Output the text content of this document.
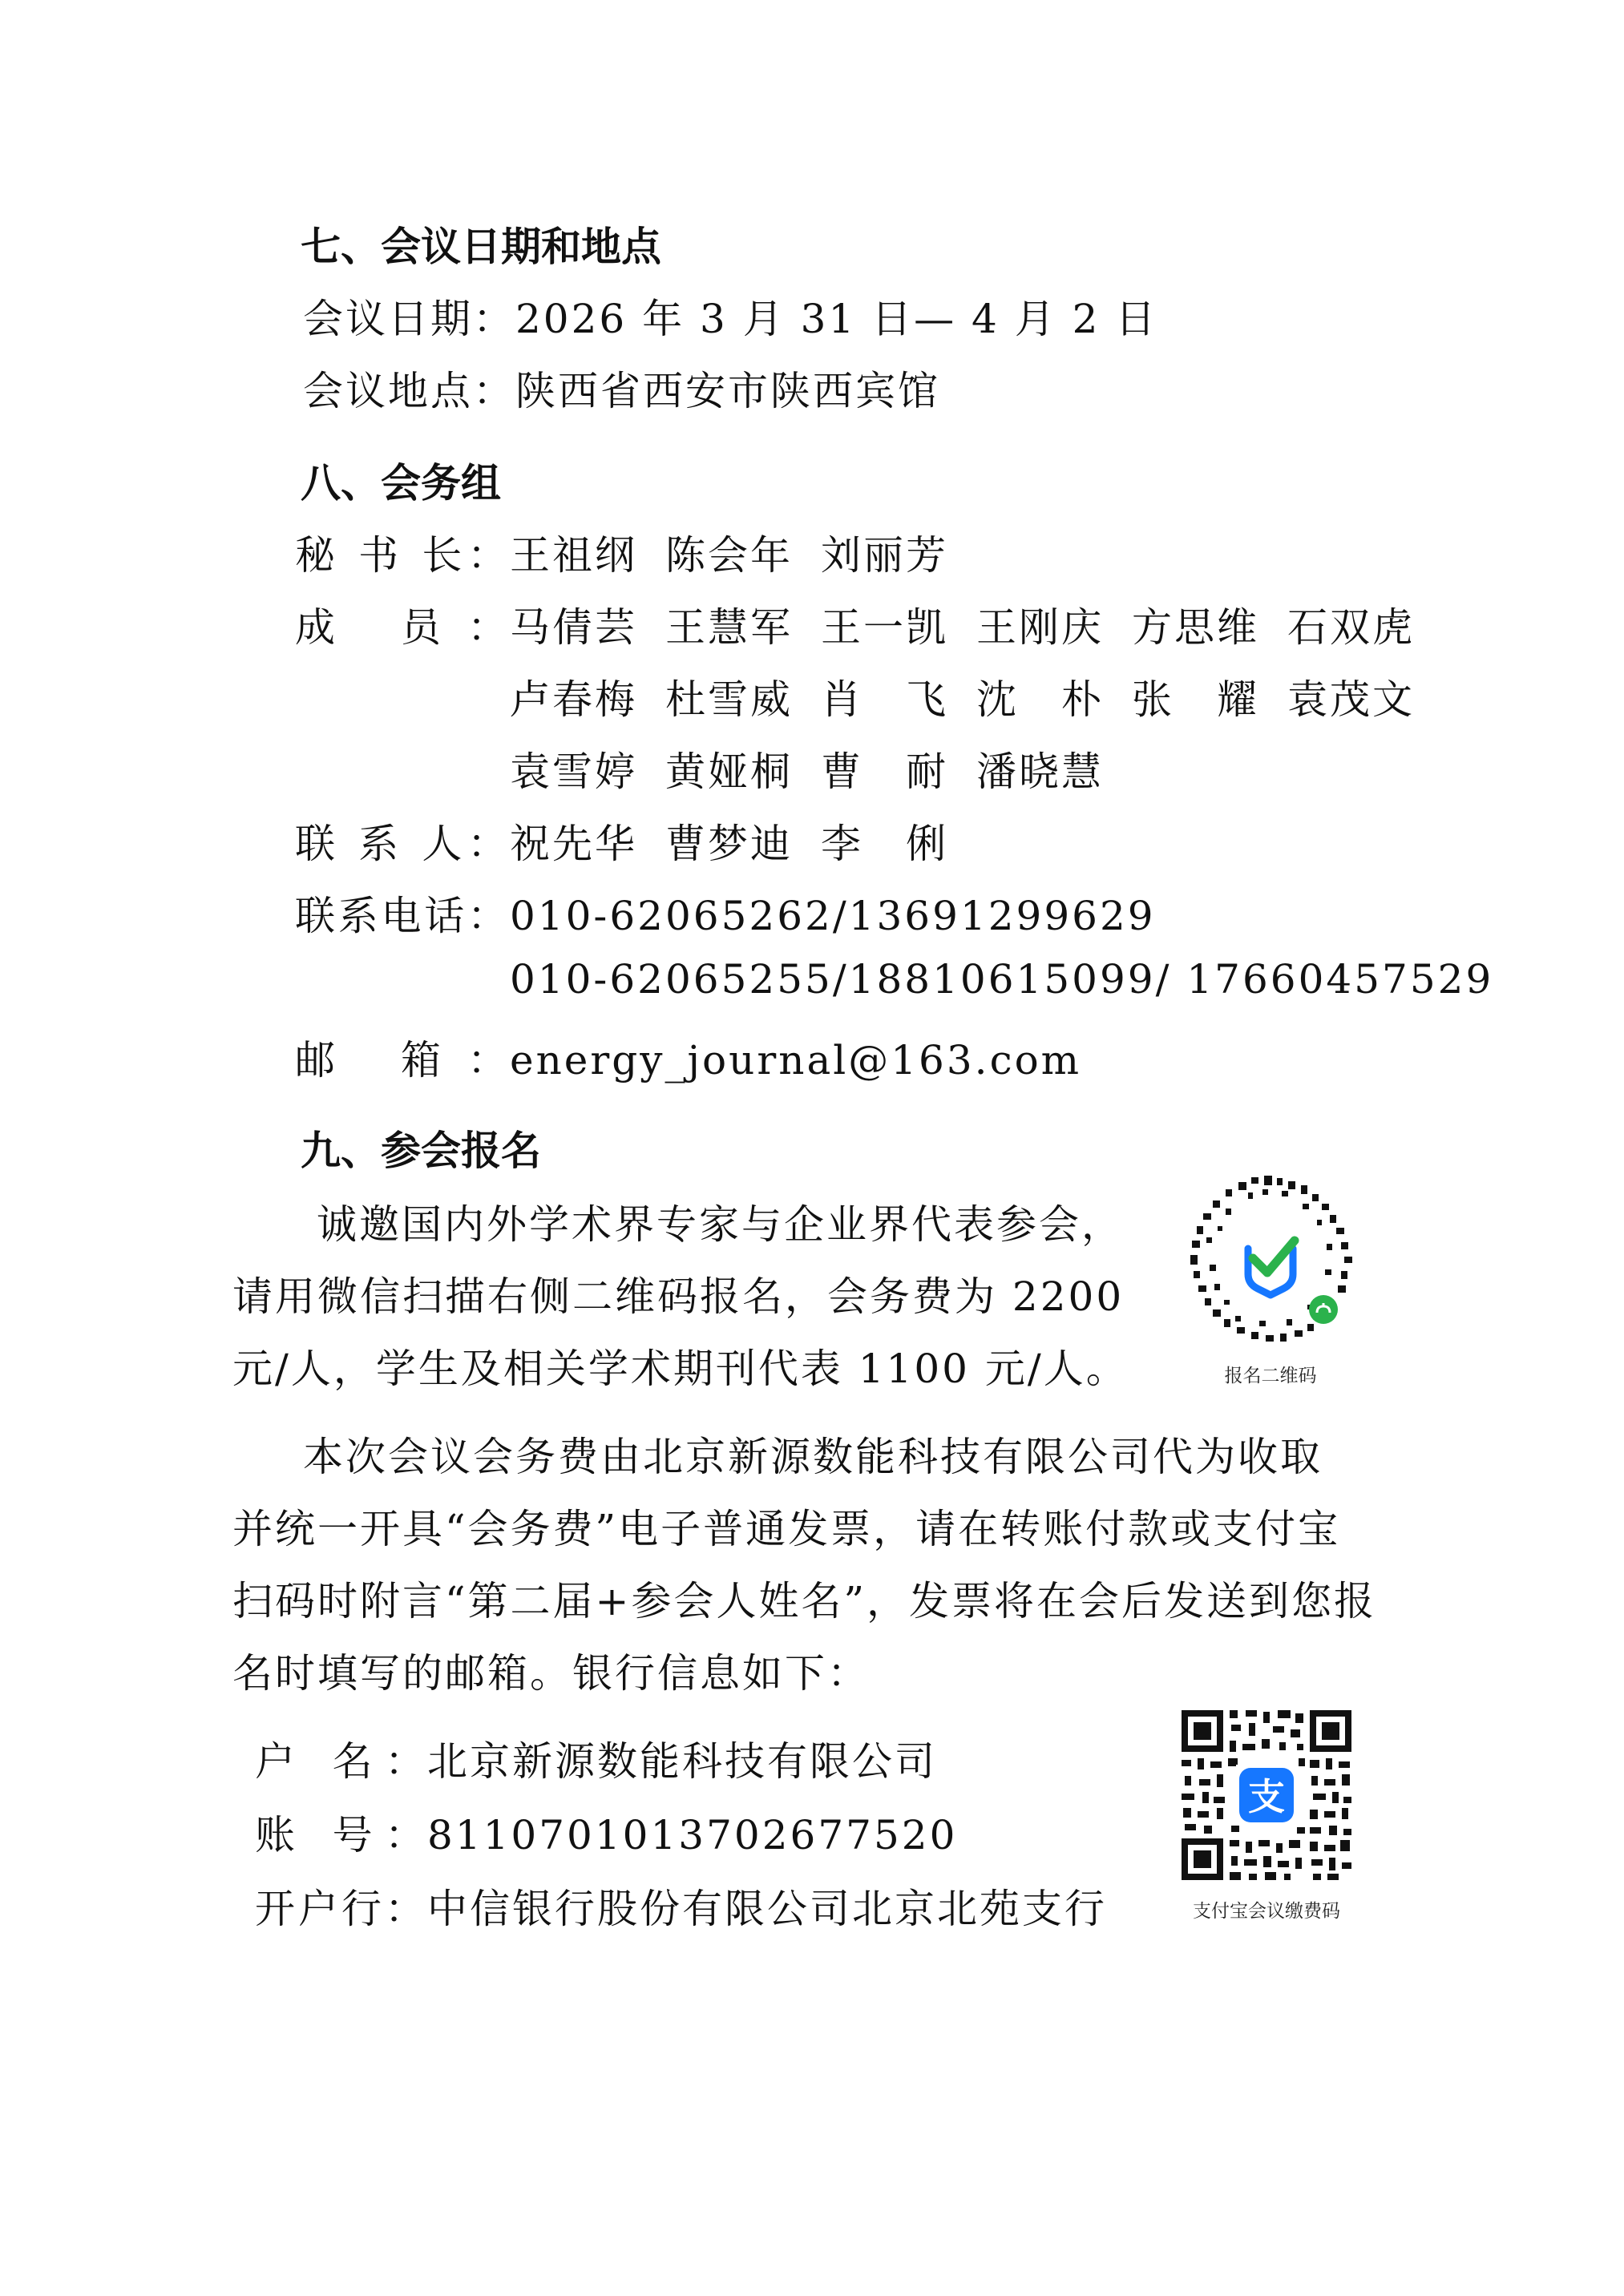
七、会议日期和地点
会议日期：2026 年 3 月 31 日— 4 月 2 日
会议地点：陕西省西安市陕西宾馆
八、会务组
秘 书 长：王祖纲 陈会年 刘丽芳
成 员：马倩芸 王慧军 王一凯 王刚庆 方思维 石双虎
卢春梅 杜雪威 肖　飞 沈　朴 张　耀 袁茂文
袁雪婷 黄娅桐 曹　耐 潘晓慧
联 系 人：祝先华 曹梦迪 李　俐
联系电话：010-62065262/13691299629
010-62065255/18810615099/ 17660457529
邮 箱：energy_journal@163.com
九、参会报名
诚邀国内外学术界专家与企业界代表参会，
请用微信扫描右侧二维码报名，会务费为 2200
元/人，学生及相关学术期刊代表 1100 元/人。	报名二维码
本次会议会务费由北京新源数能科技有限公司代为收取
并统一开具“会务费”电子普通发票，请在转账付款或支付宝
扫码时附言“第二届+参会人姓名”，发票将在会后发送到您报
名时填写的邮箱。银行信息如下：
户 名：北京新源数能科技有限公司
账 号：8110701013702677520
开户行：中信银行股份有限公司北京北苑支行
支
支付宝会议缴费码
